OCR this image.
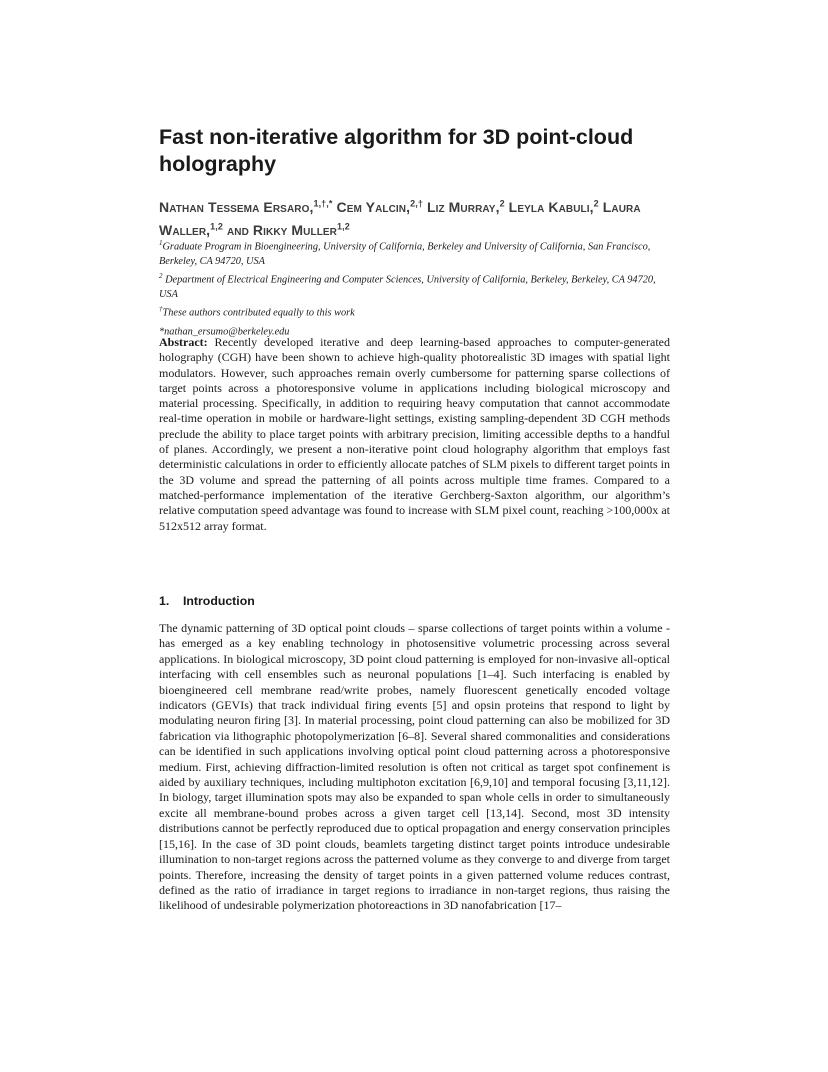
Fast non-iterative algorithm for 3D point-cloud holography
Nathan Tessema Ersaro,$^{1,\dagger,*}$ Cem Yalcin,$^{2,\dagger}$ Liz Murray,$^2$ Leyla Kabuli,$^2$ Laura Waller,$^{1,2}$ and Rikky Muller$^{1,2}$
$^1$Graduate Program in Bioengineering, University of California, Berkeley and University of California, San Francisco, Berkeley, CA 94720, USA
$^2$ Department of Electrical Engineering and Computer Sciences, University of California, Berkeley, Berkeley, CA 94720, USA
†These authors contributed equally to this work
*nathan_ersumo@berkeley.edu

Abstract: Recently developed iterative and deep learning-based approaches to computer-generated holography (CGH) have been shown to achieve high-quality photorealistic 3D images with spatial light modulators. However, such approaches remain overly cumbersome for patterning sparse collections of target points across a photoresponsive volume in applications including biological microscopy and material processing. Specifically, in addition to requiring heavy computation that cannot accommodate real-time operation in mobile or hardware-light settings, existing sampling-dependent 3D CGH methods preclude the ability to place target points with arbitrary precision, limiting accessible depths to a handful of planes. Accordingly, we present a non-iterative point cloud holography algorithm that employs fast deterministic calculations in order to efficiently allocate patches of SLM pixels to different target points in the 3D volume and spread the patterning of all points across multiple time frames. Compared to a matched-performance implementation of the iterative Gerchberg-Saxton algorithm, our algorithm’s relative computation speed advantage was found to increase with SLM pixel count, reaching >100,000x at 512x512 array format.

1. Introduction

The dynamic patterning of 3D optical point clouds – sparse collections of target points within a volume - has emerged as a key enabling technology in photosensitive volumetric processing across several applications. In biological microscopy, 3D point cloud patterning is employed for non-invasive all-optical interfacing with cell ensembles such as neuronal populations [1–4]. Such interfacing is enabled by bioengineered cell membrane read/write probes, namely fluorescent genetically encoded voltage indicators (GEVIs) that track individual firing events [5] and opsin proteins that respond to light by modulating neuron firing [3]. In material processing, point cloud patterning can also be mobilized for 3D fabrication via lithographic photopolymerization [6–8]. Several shared commonalities and considerations can be identified in such applications involving optical point cloud patterning across a photoresponsive medium. First, achieving diffraction-limited resolution is often not critical as target spot confinement is aided by auxiliary techniques, including multiphoton excitation [6,9,10] and temporal focusing [3,11,12]. In biology, target illumination spots may also be expanded to span whole cells in order to simultaneously excite all membrane-bound probes across a given target cell [13,14]. Second, most 3D intensity distributions cannot be perfectly reproduced due to optical propagation and energy conservation principles [15,16]. In the case of 3D point clouds, beamlets targeting distinct target points introduce undesirable illumination to non-target regions across the patterned volume as they converge to and diverge from target points. Therefore, increasing the density of target points in a given patterned volume reduces contrast, defined as the ratio of irradiance in target regions to irradiance in non-target regions, thus raising the likelihood of undesirable polymerization photoreactions in 3D nanofabrication [17–
